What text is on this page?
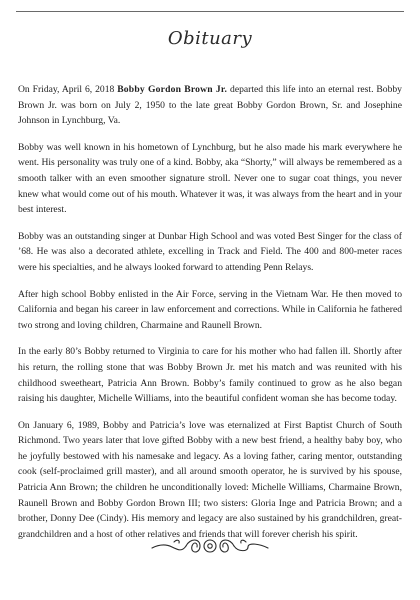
Obituary

On Friday, April 6, 2018 Bobby Gordon Brown Jr. departed this life into an eternal rest. Bobby Brown Jr. was born on July 2, 1950 to the late great Bobby Gordon Brown, Sr. and Josephine Johnson in Lynchburg, Va.

Bobby was well known in his hometown of Lynchburg, but he also made his mark everywhere he went. His personality was truly one of a kind. Bobby, aka “Shorty,” will always be remembered as a smooth talker with an even smoother signature stroll. Never one to sugar coat things, you never knew what would come out of his mouth. Whatever it was, it was always from the heart and in your best interest.

Bobby was an outstanding singer at Dunbar High School and was voted Best Singer for the class of ’68. He was also a decorated athlete, excelling in Track and Field. The 400 and 800-meter races were his specialties, and he always looked forward to attending Penn Relays.

After high school Bobby enlisted in the Air Force, serving in the Vietnam War. He then moved to California and began his career in law enforcement and corrections. While in California he fathered two strong and loving children, Charmaine and Raunell Brown.

In the early 80’s Bobby returned to Virginia to care for his mother who had fallen ill. Shortly after his return, the rolling stone that was Bobby Brown Jr. met his match and was reunited with his childhood sweetheart, Patricia Ann Brown. Bobby’s family continued to grow as he also began raising his daughter, Michelle Williams, into the beautiful confident woman she has become today.

On January 6, 1989, Bobby and Patricia’s love was eternalized at First Baptist Church of South Richmond. Two years later that love gifted Bobby with a new best friend, a healthy baby boy, who he joyfully bestowed with his namesake and legacy. As a loving father, caring mentor, outstanding cook (self-proclaimed grill master), and all around smooth operator, he is survived by his spouse, Patricia Ann Brown; the children he unconditionally loved: Michelle Williams, Charmaine Brown, Raunell Brown and Bobby Gordon Brown III; two sisters: Gloria Inge and Patricia Brown; and a brother, Donny Dee (Cindy). His memory and legacy are also sustained by his grandchildren, great-grandchildren and a host of other relatives and friends that will forever cherish his spirit.
